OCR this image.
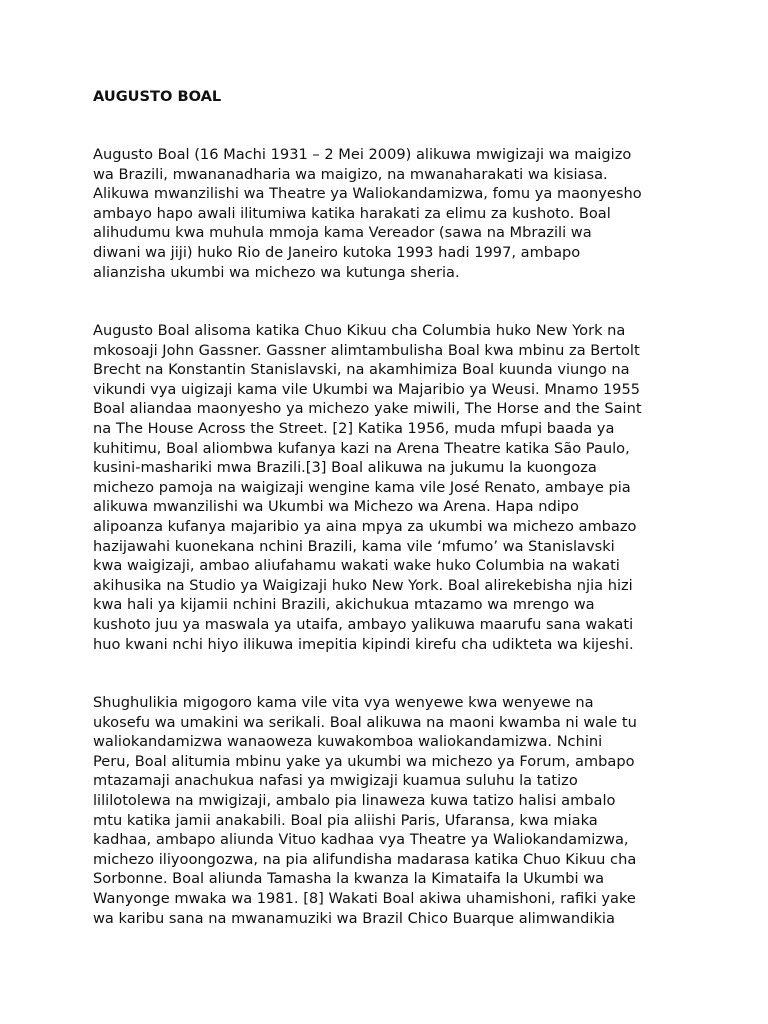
AUGUSTO BOAL

Augusto Boal (16 Machi 1931 – 2 Mei 2009) alikuwa mwigizaji wa maigizo
wa Brazili, mwananadharia wa maigizo, na mwanaharakati wa kisiasa.
Alikuwa mwanzilishi wa Theatre ya Waliokandamizwa, fomu ya maonyesho
ambayo hapo awali ilitumiwa katika harakati za elimu za kushoto. Boal
alihudumu kwa muhula mmoja kama Vereador (sawa na Mbrazili wa
diwani wa jiji) huko Rio de Janeiro kutoka 1993 hadi 1997, ambapo
alianzisha ukumbi wa michezo wa kutunga sheria.

Augusto Boal alisoma katika Chuo Kikuu cha Columbia huko New York na
mkosoaji John Gassner. Gassner alimtambulisha Boal kwa mbinu za Bertolt
Brecht na Konstantin Stanislavski, na akamhimiza Boal kuunda viungo na
vikundi vya uigizaji kama vile Ukumbi wa Majaribio ya Weusi. Mnamo 1955
Boal aliandaa maonyesho ya michezo yake miwili, The Horse and the Saint
na The House Across the Street. [2] Katika 1956, muda mfupi baada ya
kuhitimu, Boal aliombwa kufanya kazi na Arena Theatre katika São Paulo,
kusini-mashariki mwa Brazili.[3] Boal alikuwa na jukumu la kuongoza
michezo pamoja na waigizaji wengine kama vile José Renato, ambaye pia
alikuwa mwanzilishi wa Ukumbi wa Michezo wa Arena. Hapa ndipo
alipoanza kufanya majaribio ya aina mpya za ukumbi wa michezo ambazo
hazijawahi kuonekana nchini Brazili, kama vile ‘mfumo’ wa Stanislavski
kwa waigizaji, ambao aliufahamu wakati wake huko Columbia na wakati
akihusika na Studio ya Waigizaji huko New York. Boal alirekebisha njia hizi
kwa hali ya kijamii nchini Brazili, akichukua mtazamo wa mrengo wa
kushoto juu ya maswala ya utaifa, ambayo yalikuwa maarufu sana wakati
huo kwani nchi hiyo ilikuwa imepitia kipindi kirefu cha udikteta wa kijeshi.

Shughulikia migogoro kama vile vita vya wenyewe kwa wenyewe na
ukosefu wa umakini wa serikali. Boal alikuwa na maoni kwamba ni wale tu
waliokandamizwa wanaoweza kuwakomboa waliokandamizwa. Nchini
Peru, Boal alitumia mbinu yake ya ukumbi wa michezo ya Forum, ambapo
mtazamaji anachukua nafasi ya mwigizaji kuamua suluhu la tatizo
lililotolewa na mwigizaji, ambalo pia linaweza kuwa tatizo halisi ambalo
mtu katika jamii anakabili. Boal pia aliishi Paris, Ufaransa, kwa miaka
kadhaa, ambapo aliunda Vituo kadhaa vya Theatre ya Waliokandamizwa,
michezo iliyoongozwa, na pia alifundisha madarasa katika Chuo Kikuu cha
Sorbonne. Boal aliunda Tamasha la kwanza la Kimataifa la Ukumbi wa
Wanyonge mwaka wa 1981. [8] Wakati Boal akiwa uhamishoni, rafiki yake
wa karibu sana na mwanamuziki wa Brazil Chico Buarque alimwandikia
